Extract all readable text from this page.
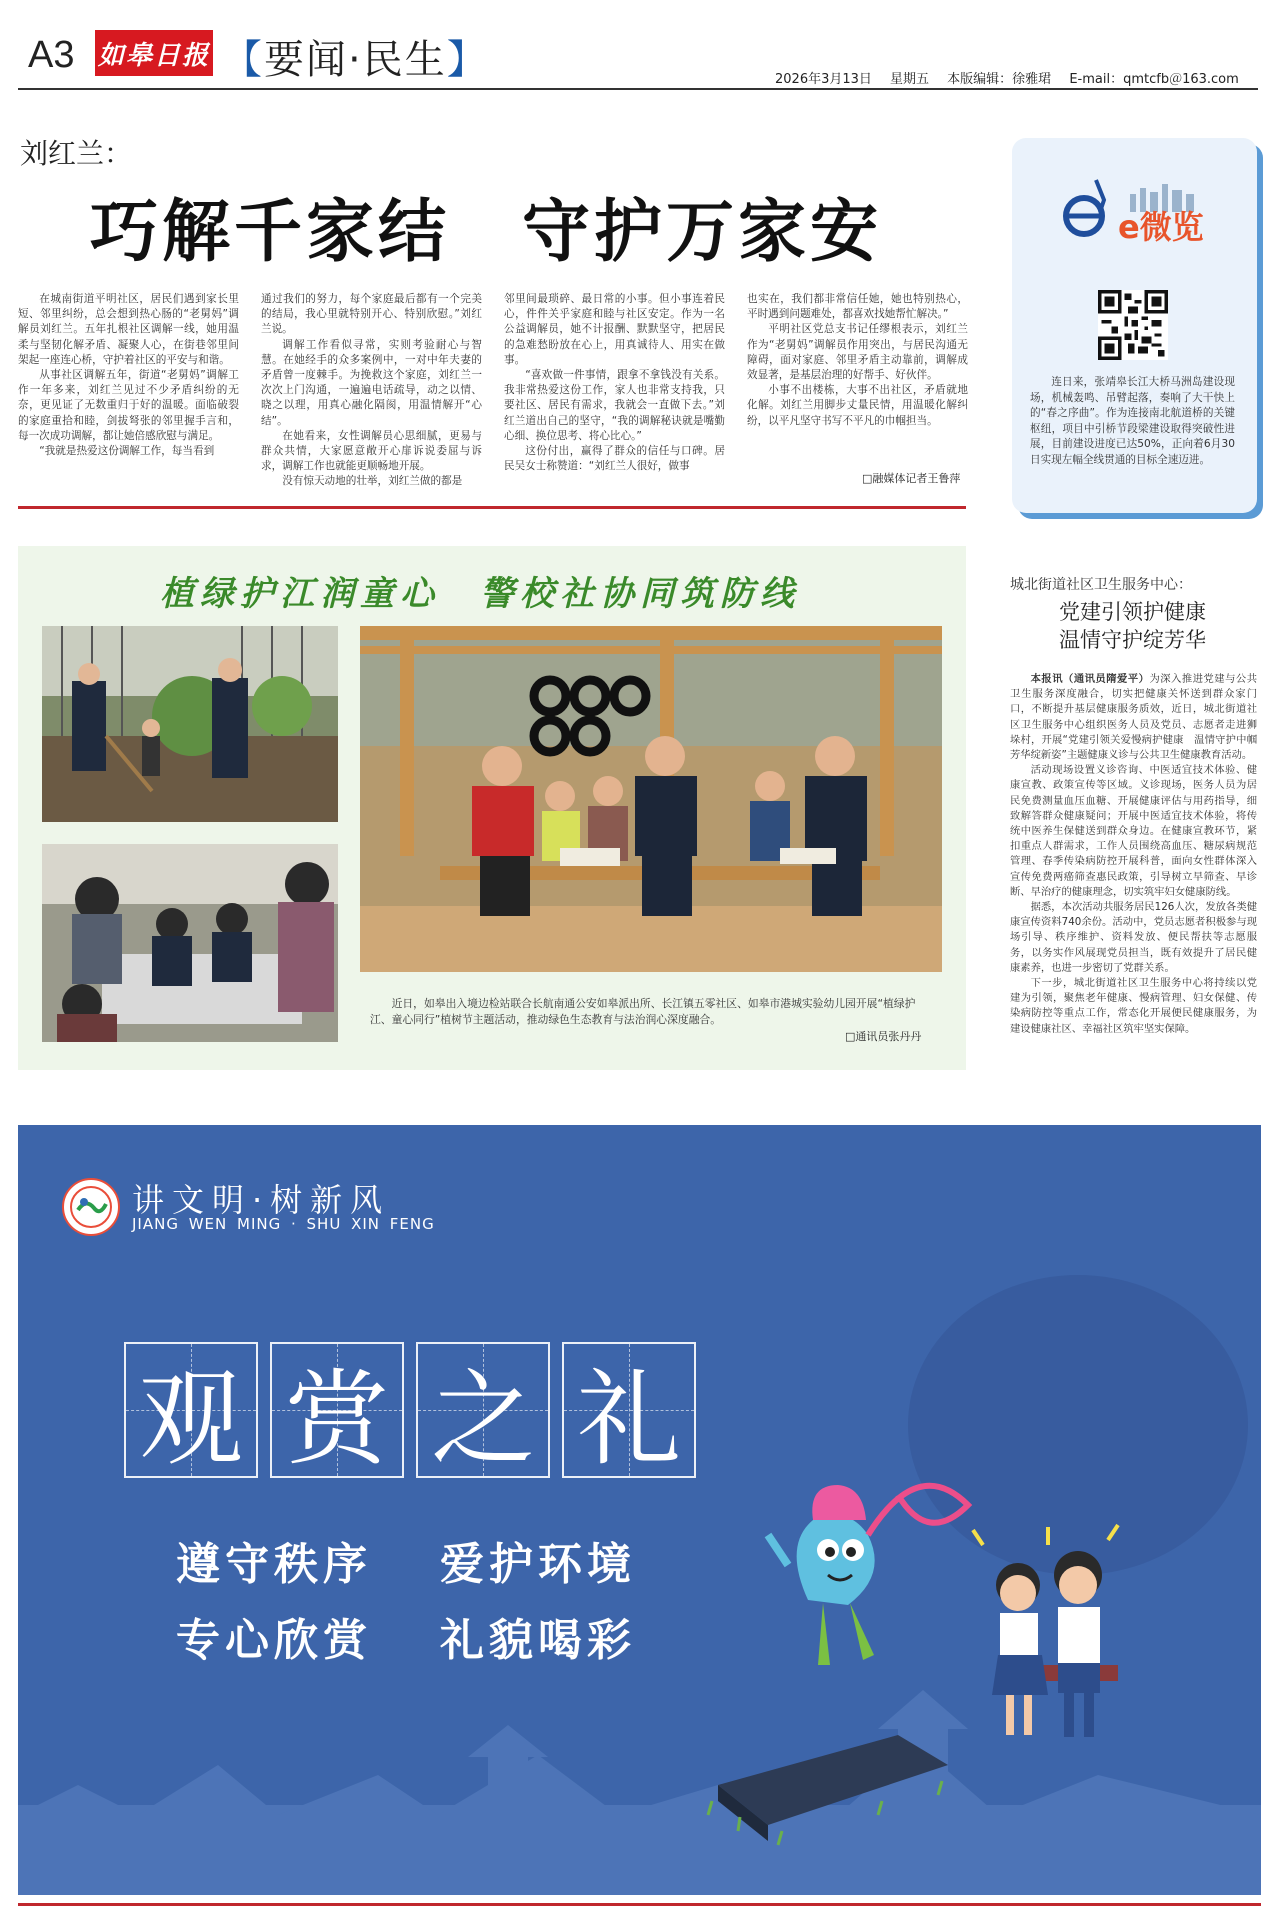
A3 如皋日报 【要闻·民生】	2026年3月13日 星期五 本版编辑：徐雅珺 E-mail：qmtcfb＠163.com
刘红兰：
巧解千家结　守护万家安

在城南街道平明社区，居民们遇到家长里短、邻里纠纷，总会想到热心肠的“老舅妈”调解员刘红兰。五年扎根社区调解一线，她用温柔与坚韧化解矛盾、凝聚人心，在街巷邻里间架起一座连心桥，守护着社区的平安与和谐。

从事社区调解五年，街道“老舅妈”调解工作一年多来，刘红兰见过不少矛盾纠纷的无奈，更见证了无数重归于好的温暖。面临破裂的家庭重拾和睦，剑拔弩张的邻里握手言和，每一次成功调解，都让她倍感欣慰与满足。

“我就是热爱这份调解工作，每当看到

通过我们的努力，每个家庭最后都有一个完美的结局，我心里就特别开心、特别欣慰。”刘红兰说。

调解工作看似寻常，实则考验耐心与智慧。在她经手的众多案例中，一对中年夫妻的矛盾曾一度棘手。为挽救这个家庭，刘红兰一次次上门沟通，一遍遍电话疏导，动之以情、晓之以理，用真心融化隔阂，用温情解开“心结”。

在她看来，女性调解员心思细腻，更易与群众共情，大家愿意敞开心扉诉说委屈与诉求，调解工作也就能更顺畅地开展。

没有惊天动地的壮举，刘红兰做的都是

邻里间最琐碎、最日常的小事。但小事连着民心，件件关乎家庭和睦与社区安定。作为一名公益调解员，她不计报酬、默默坚守，把居民的急难愁盼放在心上，用真诚待人、用实在做事。

“喜欢做一件事情，跟拿不拿钱没有关系。我非常热爱这份工作，家人也非常支持我，只要社区、居民有需求，我就会一直做下去。”刘红兰道出自己的坚守，“我的调解秘诀就是嘴勤心细、换位思考、将心比心。”

这份付出，赢得了群众的信任与口碑。居民吴女士称赞道：“刘红兰人很好，做事

也实在，我们都非常信任她，她也特别热心，平时遇到问题难处，都喜欢找她帮忙解决。”

平明社区党总支书记任缪根表示，刘红兰作为“老舅妈”调解员作用突出，与居民沟通无障碍，面对家庭、邻里矛盾主动靠前，调解成效显著，是基层治理的好帮手、好伙伴。

小事不出楼栋，大事不出社区，矛盾就地化解。刘红兰用脚步丈量民情，用温暖化解纠纷，以平凡坚守书写不平凡的巾帼担当。

□融媒体记者王鲁萍
e微览
连日来，张靖皋长江大桥马洲岛建设现场，机械轰鸣、吊臂起落，奏响了大干快上的“春之序曲”。作为连接南北航道桥的关键枢纽，项目中引桥节段梁建设取得突破性进展，目前建设进度已达50%，正向着6月30日实现左幅全线贯通的目标全速迈进。
植绿护江润童心　警校社协同筑防线
近日，如皋出入境边检站联合长航南通公安如皋派出所、长江镇五零社区、如皋市港城实验幼儿园开展“植绿护江、童心同行”植树节主题活动，推动绿色生态教育与法治润心深度融合。
□通讯员张丹丹
城北街道社区卫生服务中心：
党建引领护健康
温情守护绽芳华

本报讯（通讯员隋爱平）为深入推进党建与公共卫生服务深度融合，切实把健康关怀送到群众家门口，不断提升基层健康服务质效，近日，城北街道社区卫生服务中心组织医务人员及党员、志愿者走进狮垛村，开展“党建引领关爱慢病护健康　温情守护中帼芳华绽新姿”主题健康义诊与公共卫生健康教育活动。

活动现场设置义诊咨询、中医适宜技术体验、健康宣教、政策宣传等区域。义诊现场，医务人员为居民免费测量血压血糖、开展健康评估与用药指导，细致解答群众健康疑问；开展中医适宜技术体验，将传统中医养生保健送到群众身边。在健康宣教环节，紧扣重点人群需求，工作人员围绕高血压、糖尿病规范管理、春季传染病防控开展科普，面向女性群体深入宣传免费两癌筛查惠民政策，引导树立早筛查、早诊断、早治疗的健康理念，切实筑牢妇女健康防线。

据悉，本次活动共服务居民126人次，发放各类健康宣传资料740余份。活动中，党员志愿者积极参与现场引导、秩序维护、资料发放、便民帮扶等志愿服务，以务实作风展现党员担当，既有效提升了居民健康素养，也进一步密切了党群关系。

下一步，城北街道社区卫生服务中心将持续以党建为引领，聚焦老年健康、慢病管理、妇女保健、传染病防控等重点工作，常态化开展便民健康服务，为建设健康社区、幸福社区筑牢坚实保障。

讲文明·树新风
JIANG WEN MING · SHU XIN FENG
观 赏 之 礼
遵守秩序 爱护环境
专心欣赏 礼貌喝彩
